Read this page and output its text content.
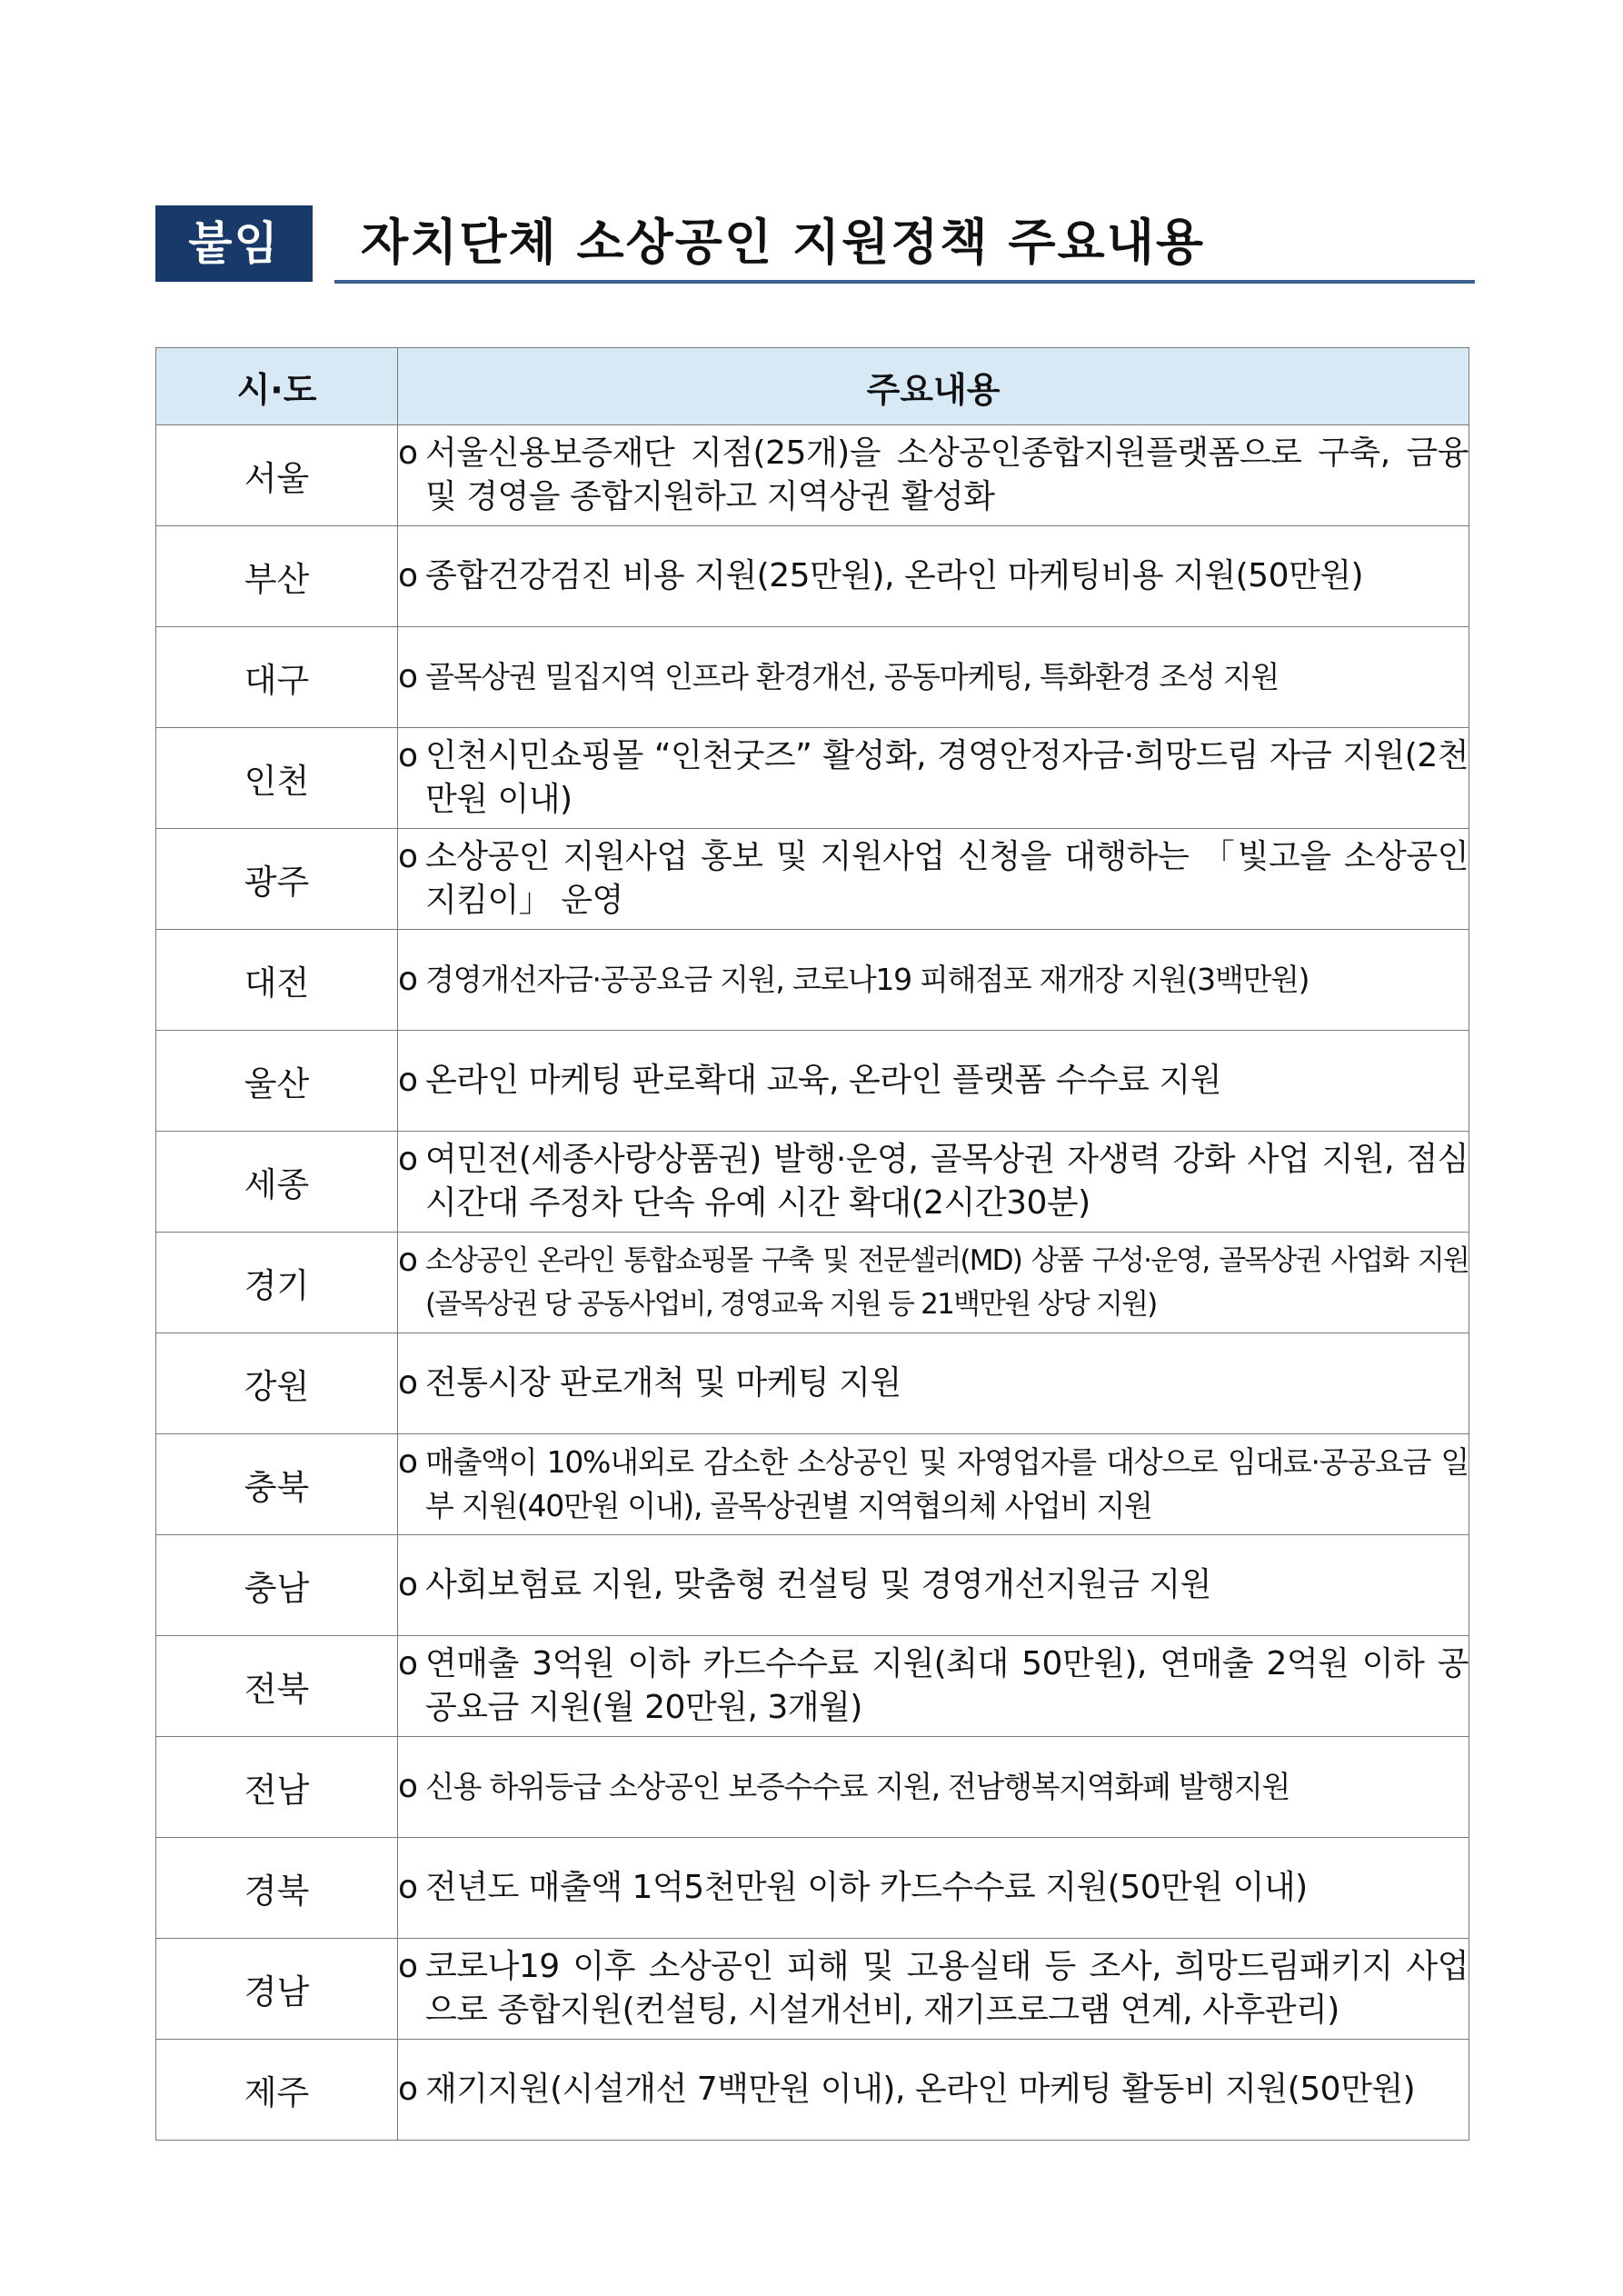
붙임	자치단체 소상공인 지원정책 주요내용
시·도	주요내용
서울	o 서울신용보증재단 지점(25개)을 소상공인종합지원플랫폼으로 구축, 금융 및 경영을 종합지원하고 지역상권 활성화

부산	o 종합건강검진 비용 지원(25만원), 온라인 마케팅비용 지원(50만원)

대구	o 골목상권 밀집지역 인프라 환경개선, 공동마케팅, 특화환경 조성 지원

인천	o 인천시민쇼핑몰 “인천굿즈” 활성화, 경영안정자금·희망드림 자금 지원(2천만원 이내)

광주	o 소상공인 지원사업 홍보 및 지원사업 신청을 대행하는 「빛고을 소상공인 지킴이」 운영

대전	o 경영개선자금·공공요금 지원, 코로나19 피해점포 재개장 지원(3백만원)

울산	o 온라인 마케팅 판로확대 교육, 온라인 플랫폼 수수료 지원

세종	o 여민전(세종사랑상품권) 발행·운영, 골목상권 자생력 강화 사업 지원, 점심시간대 주정차 단속 유예 시간 확대(2시간30분)

경기	o 소상공인 온라인 통합쇼핑몰 구축 및 전문셀러(MD) 상품 구성·운영, 골목상권 사업화 지원(골목상권 당 공동사업비, 경영교육 지원 등 21백만원 상당 지원)

강원	o 전통시장 판로개척 및 마케팅 지원

충북	o 매출액이 10%내외로 감소한 소상공인 및 자영업자를 대상으로 임대료·공공요금 일부 지원(40만원 이내), 골목상권별 지역협의체 사업비 지원

충남	o 사회보험료 지원, 맞춤형 컨설팅 및 경영개선지원금 지원

전북	o 연매출 3억원 이하 카드수수료 지원(최대 50만원), 연매출 2억원 이하 공공요금 지원(월 20만원, 3개월)

전남	o 신용 하위등급 소상공인 보증수수료 지원, 전남행복지역화폐 발행지원

경북	o 전년도 매출액 1억5천만원 이하 카드수수료 지원(50만원 이내)

경남	o 코로나19 이후 소상공인 피해 및 고용실태 등 조사, 희망드림패키지 사업으로 종합지원(컨설팅, 시설개선비, 재기프로그램 연계, 사후관리)

제주	o 재기지원(시설개선 7백만원 이내), 온라인 마케팅 활동비 지원(50만원)
